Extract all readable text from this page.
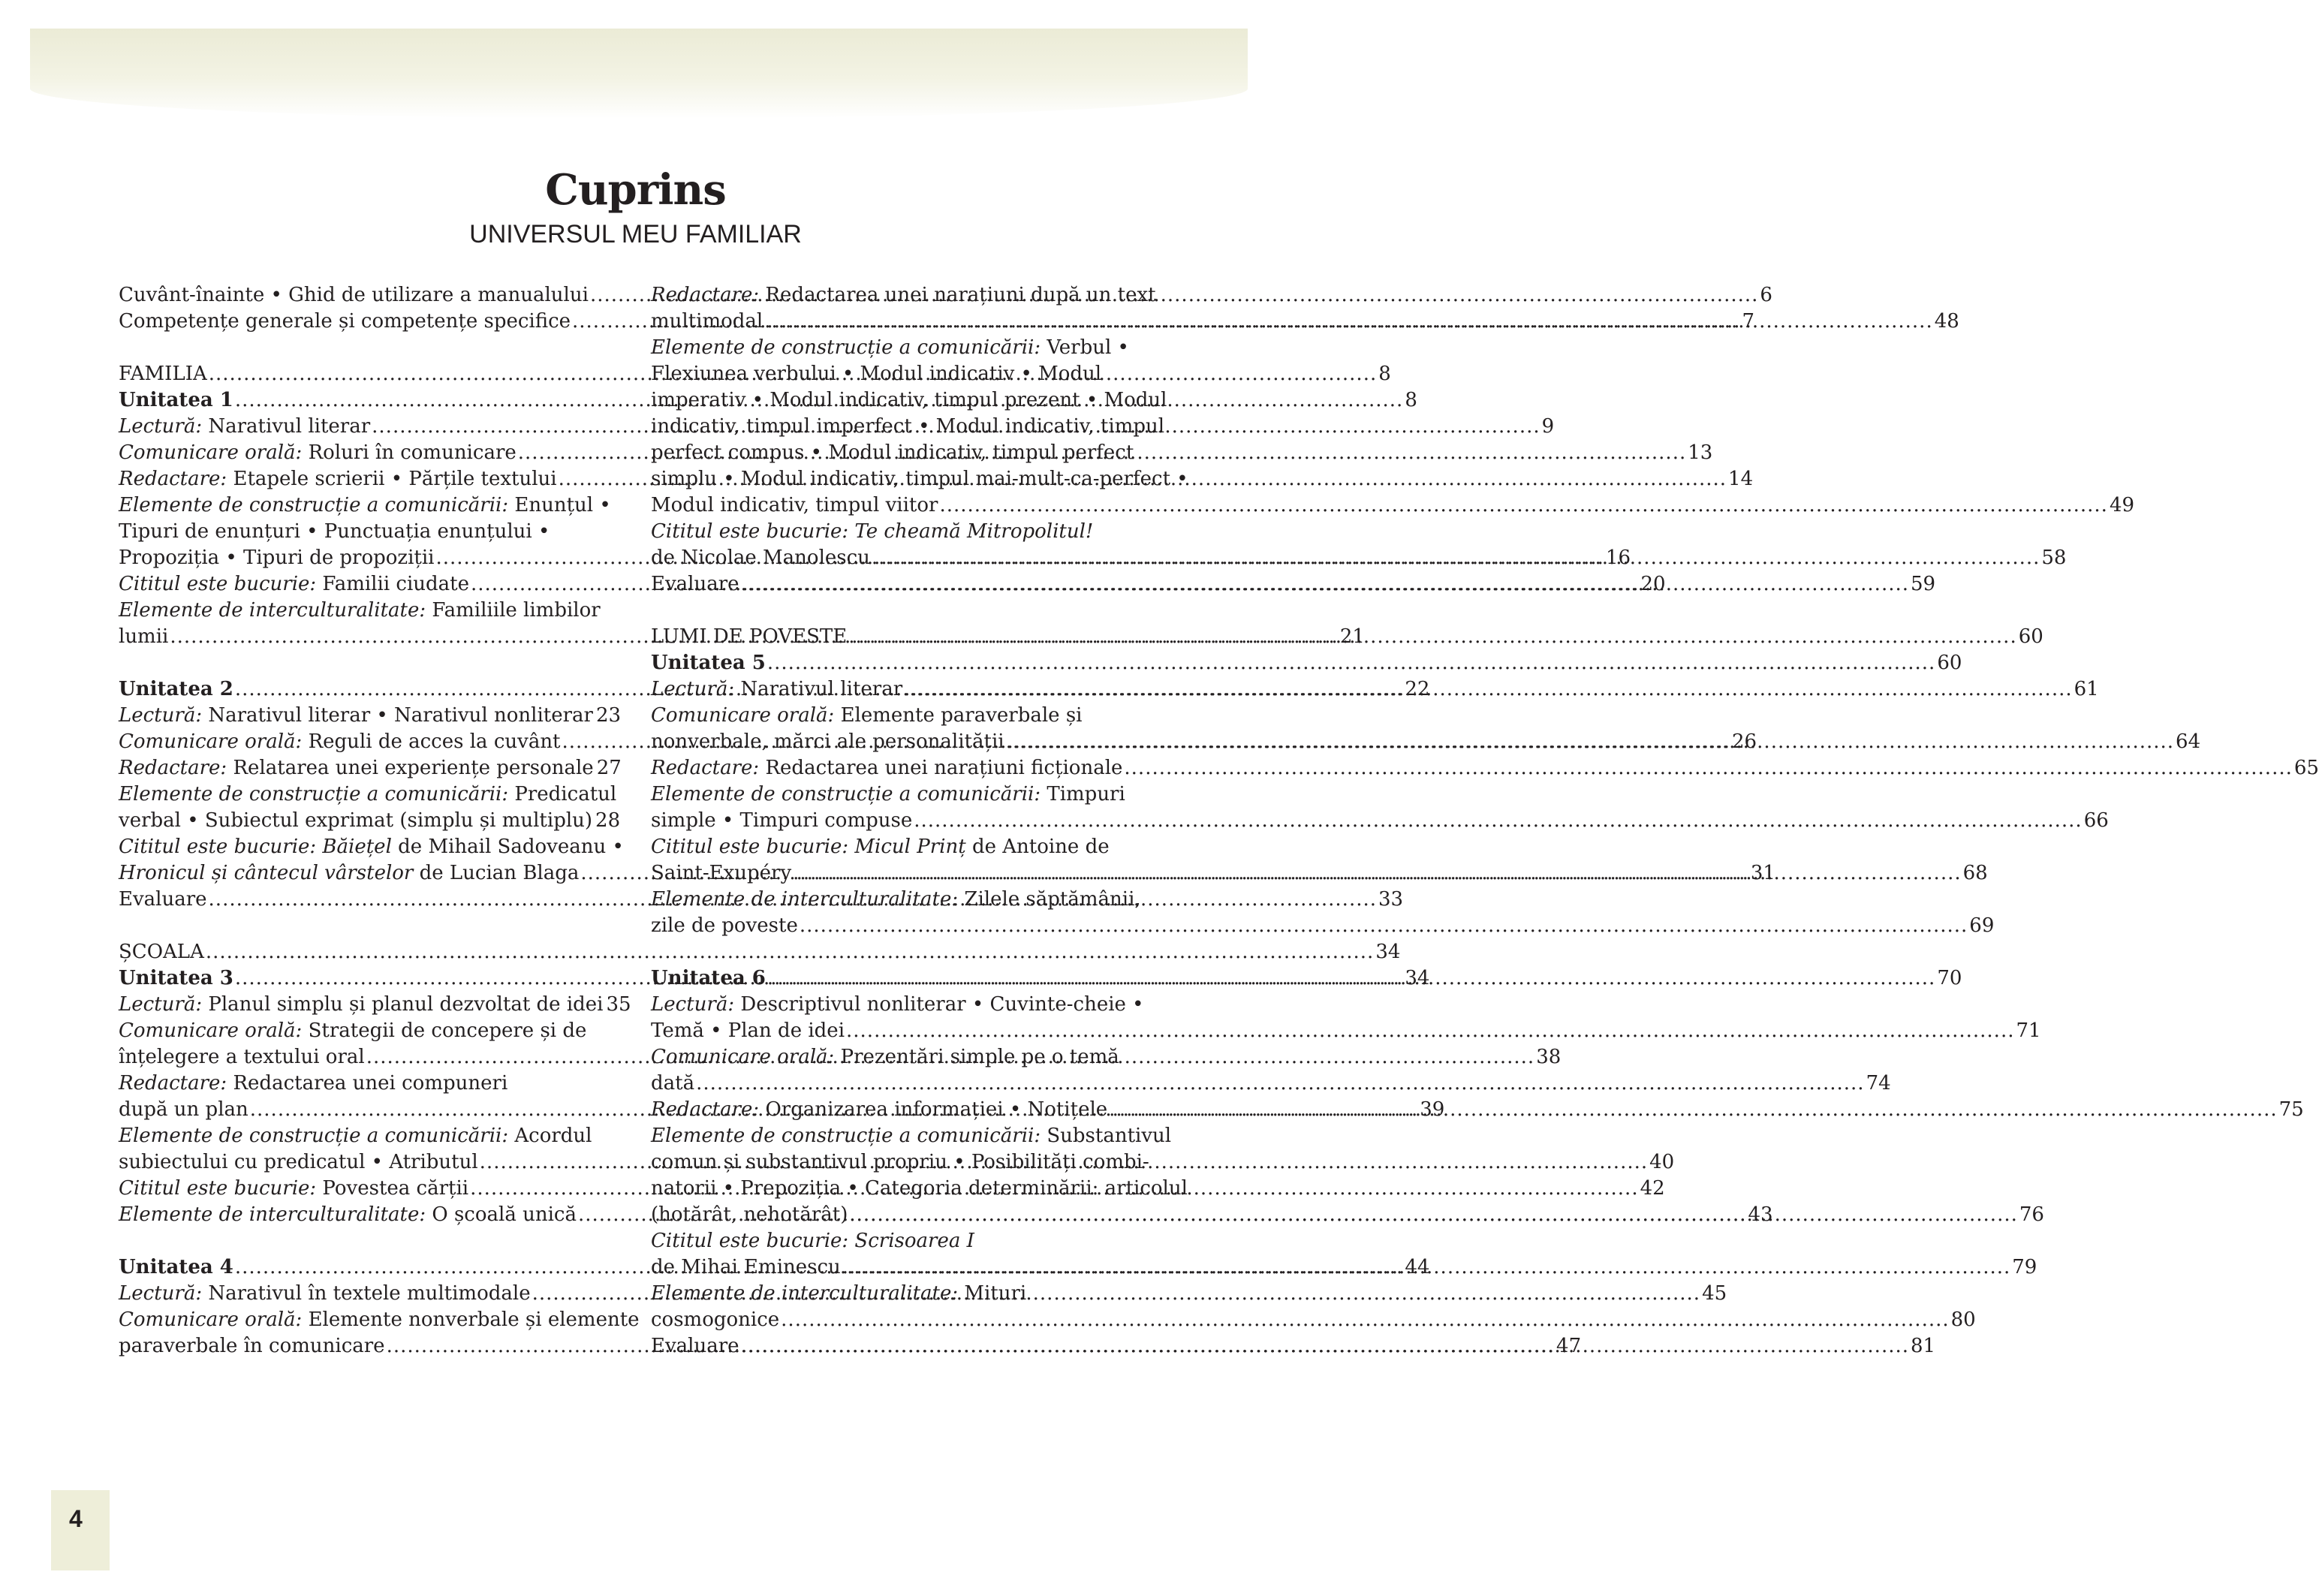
Cuprins
UNIVERSUL MEU FAMILIAR
Cuvânt-înainte • Ghid de utilizare a manualului .....	6
Competențe generale și competențe specifice .....	7
FAMILIA .....	8
Unitatea 1 .....	8
Lectură: Narativul literar .....	9
Comunicare orală: Roluri în comunicare .....	13
Redactare: Etapele scrierii • Părțile textului .....	14
Elemente de construcție a comunicării: Enunțul •
Tipuri de enunțuri • Punctuația enunțului •
Propoziția • Tipuri de propoziții .....	16
Cititul este bucurie: Familii ciudate .....	20
Elemente de interculturalitate: Familiile limbilor
lumii .....	21
Unitatea 2 .....	22
Lectură: Narativul literar • Narativul nonliterar 23
Comunicare orală: Reguli de acces la cuvânt .....	26
Redactare: Relatarea unei experiențe personale 27
Elemente de construcție a comunicării: Predicatul
verbal • Subiectul exprimat (simplu și multiplu) 28
Cititul este bucurie: Băiețel de Mihail Sadoveanu •
Hronicul și cântecul vârstelor de Lucian Blaga .....	31
Evaluare .....	33
ȘCOALA .....	34
Unitatea 3 .....	34
Lectură: Planul simplu și planul dezvoltat de idei 35
Comunicare orală: Strategii de concepere și de
înțelegere a textului oral .....	38
Redactare: Redactarea unei compuneri
după un plan .....	39
Elemente de construcție a comunicării: Acordul
subiectului cu predicatul • Atributul .....	40
Cititul este bucurie: Povestea cărții .....	42
Elemente de interculturalitate: O școală unică .....	43
Unitatea 4 .....	44
Lectură: Narativul în textele multimodale .....	45
Comunicare orală: Elemente nonverbale și elemente
paraverbale în comunicare .....	47
Redactare: Redactarea unei narațiuni după un text
multimodal .....	48
Elemente de construcție a comunicării: Verbul •
Flexiunea verbului • Modul indicativ • Modul
imperativ • Modul indicativ, timpul prezent • Modul
indicativ, timpul imperfect • Modul indicativ, timpul
perfect compus • Modul indicativ, timpul perfect
simplu • Modul indicativ, timpul mai-mult-ca-perfect •
Modul indicativ, timpul viitor .....	49
Cititul este bucurie: Te cheamă Mitropolitul!
de Nicolae Manolescu .....	58
Evaluare .....	59
LUMI DE POVESTE .....	60
Unitatea 5 .....	60
Lectură: Narativul literar .....	61
Comunicare orală: Elemente paraverbale și
nonverbale, mărci ale personalității .....	64
Redactare: Redactarea unei narațiuni ficționale .....	65
Elemente de construcție a comunicării: Timpuri
simple • Timpuri compuse .....	66
Cititul este bucurie: Micul Prinț de Antoine de
Saint-Exupéry .....	68
Elemente de interculturalitate: Zilele săptămânii,
zile de poveste .....	69
Unitatea 6 .....	70
Lectură: Descriptivul nonliterar • Cuvinte-cheie •
Temă • Plan de idei .....	71
Comunicare orală: Prezentări simple pe o temă
dată .....	74
Redactare: Organizarea informației • Notițele .....	75
Elemente de construcție a comunicării: Substantivul
comun și substantivul propriu • Posibilități combi-
natorii • Prepoziția • Categoria determinării: articolul
(hotărât, nehotărât) .....	76
Cititul este bucurie: Scrisoarea I
de Mihai Eminescu .....	79
Elemente de interculturalitate: Mituri
cosmogonice .....	80
Evaluare .....	81
4
